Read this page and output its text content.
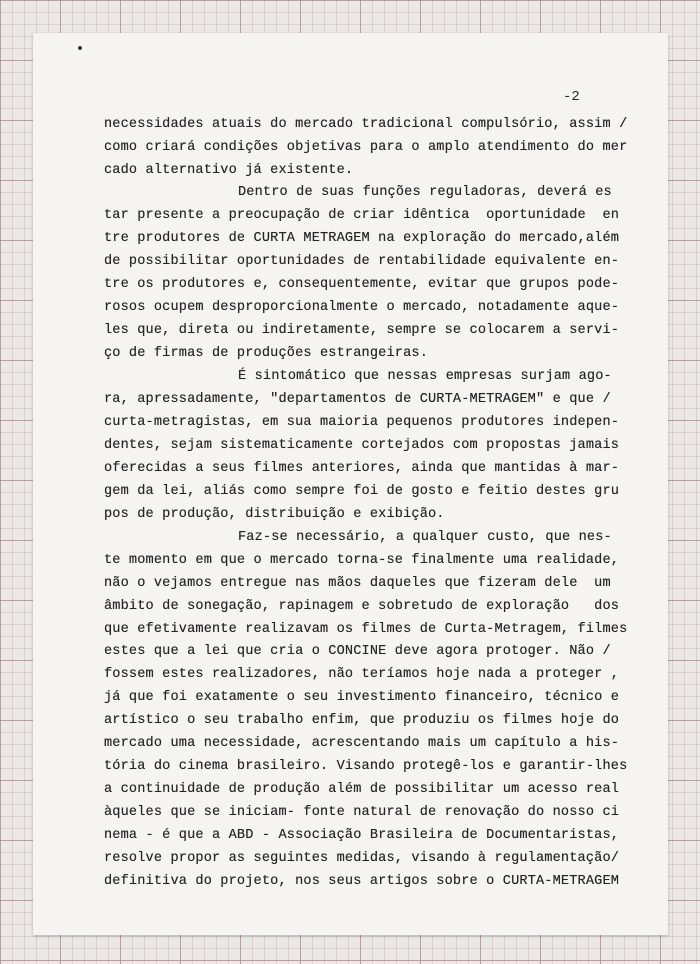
-2
necessidades atuais do mercado tradicional compulsório, assim /
como criará condições objetivas para o amplo atendimento do mer
cado alternativo já existente.
Dentro de suas funções reguladoras, deverá es
tar presente a preocupação de criar idêntica  oportunidade  en
tre produtores de CURTA METRAGEM na exploração do mercado,além
de possibilitar oportunidades de rentabilidade equivalente en-
tre os produtores e, consequentemente, evitar que grupos pode-
rosos ocupem desproporcionalmente o mercado, notadamente aque-
les que, direta ou indiretamente, sempre se colocarem a servi-
ço de firmas de produções estrangeiras.
É sintomático que nessas empresas surjam ago-
ra, apressadamente, "departamentos de CURTA-METRAGEM" e que /
curta-metragistas, em sua maioria pequenos produtores indepen-
dentes, sejam sistematicamente cortejados com propostas jamais
oferecidas a seus filmes anteriores, ainda que mantidas à mar-
gem da lei, aliás como sempre foi de gosto e feitio destes gru
pos de produção, distribuição e exibição.
Faz-se necessário, a qualquer custo, que nes-
te momento em que o mercado torna-se finalmente uma realidade,
não o vejamos entregue nas mãos daqueles que fizeram dele  um
âmbito de sonegação, rapinagem e sobretudo de exploração   dos
que efetivamente realizavam os filmes de Curta-Metragem, filmes
estes que a lei que cria o CONCINE deve agora protoger. Não /
fossem estes realizadores, não teríamos hoje nada a proteger ,
já que foi exatamente o seu investimento financeiro, técnico e
artístico o seu trabalho enfim, que produziu os filmes hoje do
mercado uma necessidade, acrescentando mais um capítulo a his-
tória do cinema brasileiro. Visando protegê-los e garantir-lhes
a continuidade de produção além de possibilitar um acesso real
àqueles que se iniciam- fonte natural de renovação do nosso ci
nema - é que a ABD - Associação Brasileira de Documentaristas,
resolve propor as seguintes medidas, visando à regulamentação/
definitiva do projeto, nos seus artigos sobre o CURTA-METRAGEM
